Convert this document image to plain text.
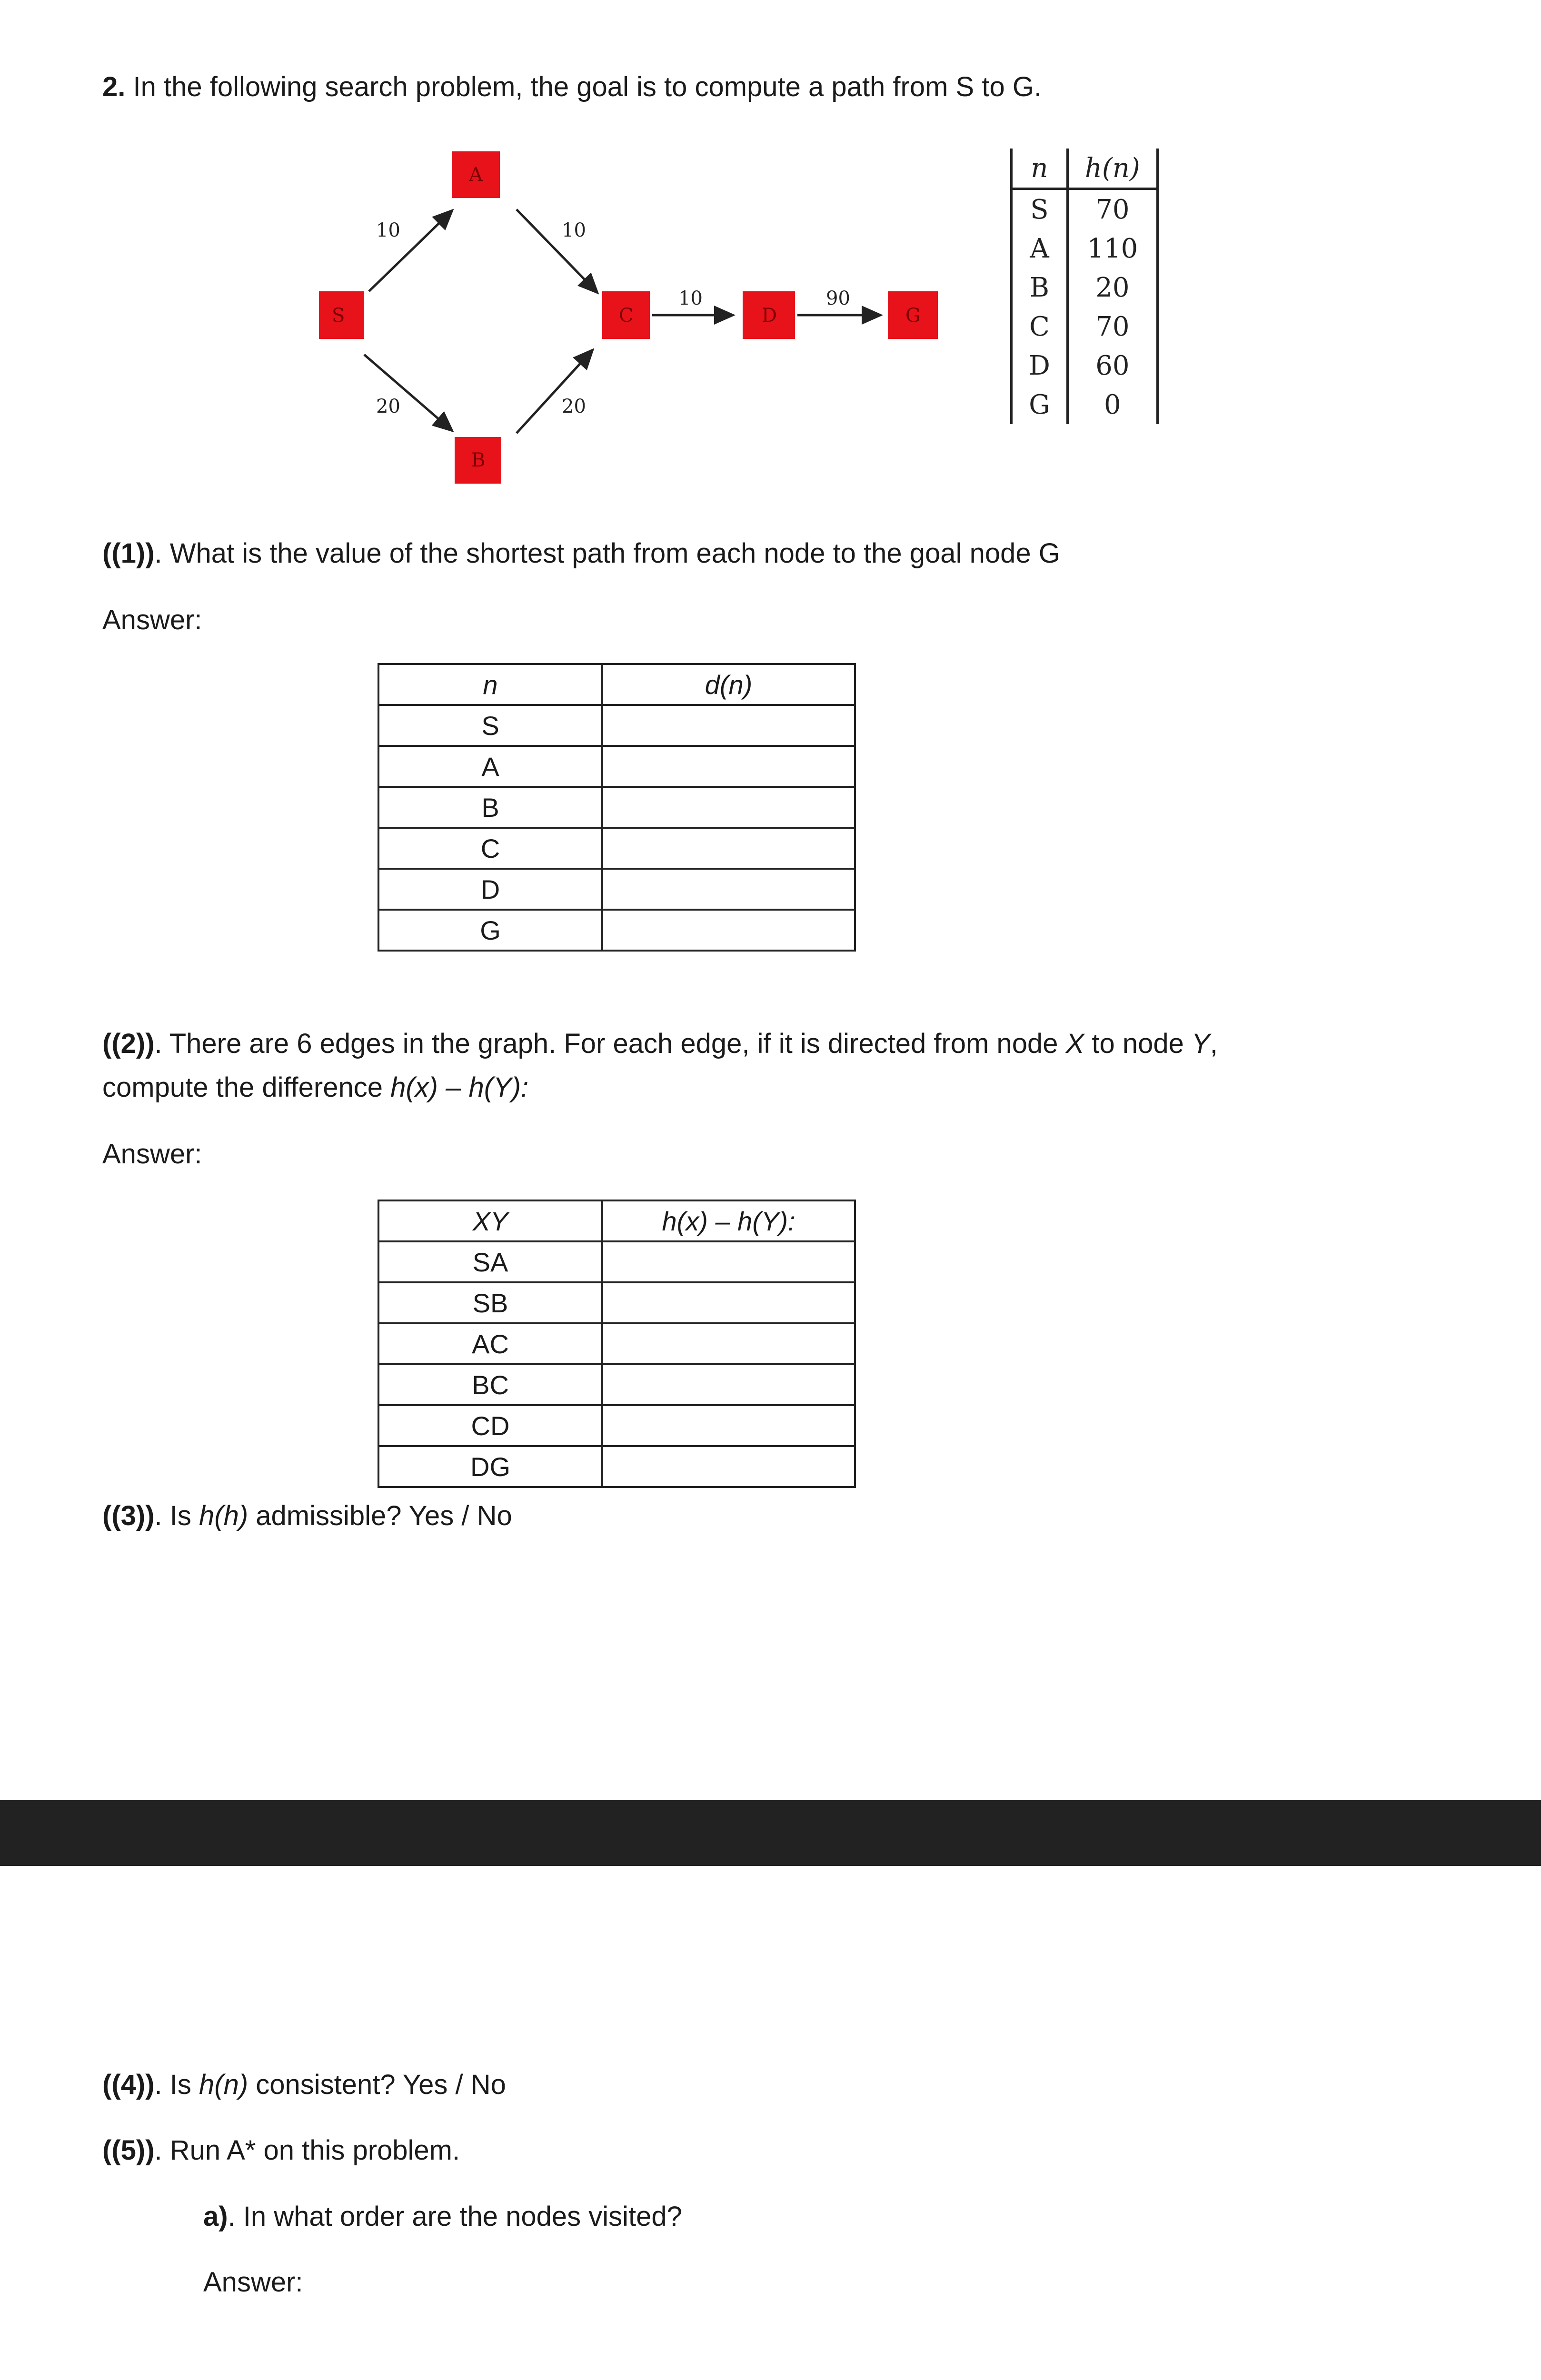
2. In the following search problem, the goal is to compute a path from S to G.
10	10
20	20
10	90
S
A
B
C	D	G
n	h(n)
S	70
A	110
B	20
C	70
D	60
G	0
((1)). What is the value of the shortest path from each node to the goal node G
Answer:
n	d(n)
S	
A	
B	
C	
D	
G	
((2)). There are 6 edges in the graph. For each edge, if it is directed from node X to node Y,
compute the difference h(x) – h(Y):
Answer:
XY	h(x) – h(Y):
SA	
SB	
AC	
BC	
CD	
DG	
((3)). Is h(h) admissible? Yes / No
((4)). Is h(n) consistent? Yes / No
((5)). Run A* on this problem.
a). In what order are the nodes visited?
Answer:
